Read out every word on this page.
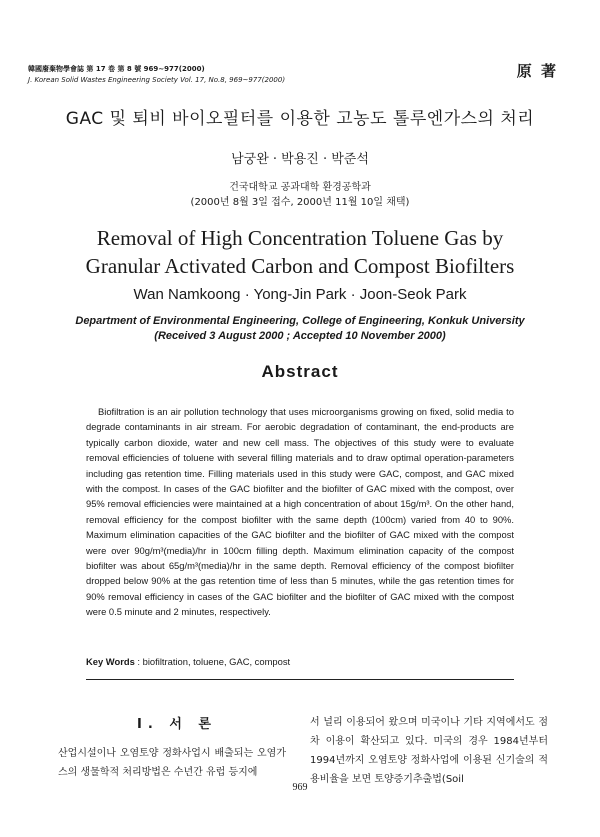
韓國廢棄物學會誌 第 17 卷 第 8 號 969~977(2000)
J. Korean Solid Wastes Engineering Society Vol. 17, No.8, 969~977(2000)	原 著
GAC 및 퇴비 바이오필터를 이용한 고농도 톨루엔가스의 처리
남궁완 · 박용진 · 박준석
건국대학교 공과대학 환경공학과
(2000년 8월 3일 접수, 2000년 11월 10일 채택)
Removal of High Concentration Toluene Gas by
Granular Activated Carbon and Compost Biofilters
Wan Namkoong · Yong-Jin Park · Joon-Seok Park
Department of Environmental Engineering, College of Engineering, Konkuk University
(Received 3 August 2000 ; Accepted 10 November 2000)
Abstract
Biofiltration is an air pollution technology that uses microorganisms growing on fixed, solid media to degrade contaminants in air stream. For aerobic degradation of contaminant, the end-products are typically carbon dioxide, water and new cell mass. The objectives of this study were to evaluate removal efficiencies of toluene with several filling materials and to draw optimal operation-parameters including gas retention time. Filling materials used in this study were GAC, compost, and GAC mixed with the compost. In cases of the GAC biofilter and the biofilter of GAC mixed with the compost, over 95% removal efficiencies were maintained at a high concentration of about 15g/m³. On the other hand, removal efficiency for the compost biofilter with the same depth (100cm) varied from 40 to 90%. Maximum elimination capacities of the GAC biofilter and the biofilter of GAC mixed with the compost were over 90g/m³(media)/hr in 100cm filling depth. Maximum elimination capacity of the compost biofilter was about 65g/m³(media)/hr in the same depth. Removal efficiency of the compost biofilter dropped below 90% at the gas retention time of less than 5 minutes, while the gas retention times for 90% removal efficiency in cases of the GAC biofilter and the biofilter of GAC mixed with the compost were 0.5 minute and 2 minutes, respectively.
Key Words : biofiltration, toluene, GAC, compost
Ⅰ. 서 론
산업시설이나 오염토양 정화사업시 배출되는 오염가스의 생물학적 처리방법은 수년간 유럽 등지에
서 널리 이용되어 왔으며 미국이나 기타 지역에서도 점차 이용이 확산되고 있다. 미국의 경우 1984년부터 1994년까지 오염토양 정화사업에 이용된 신기술의 적용비율을 보면 토양증기추출법(Soil
969
